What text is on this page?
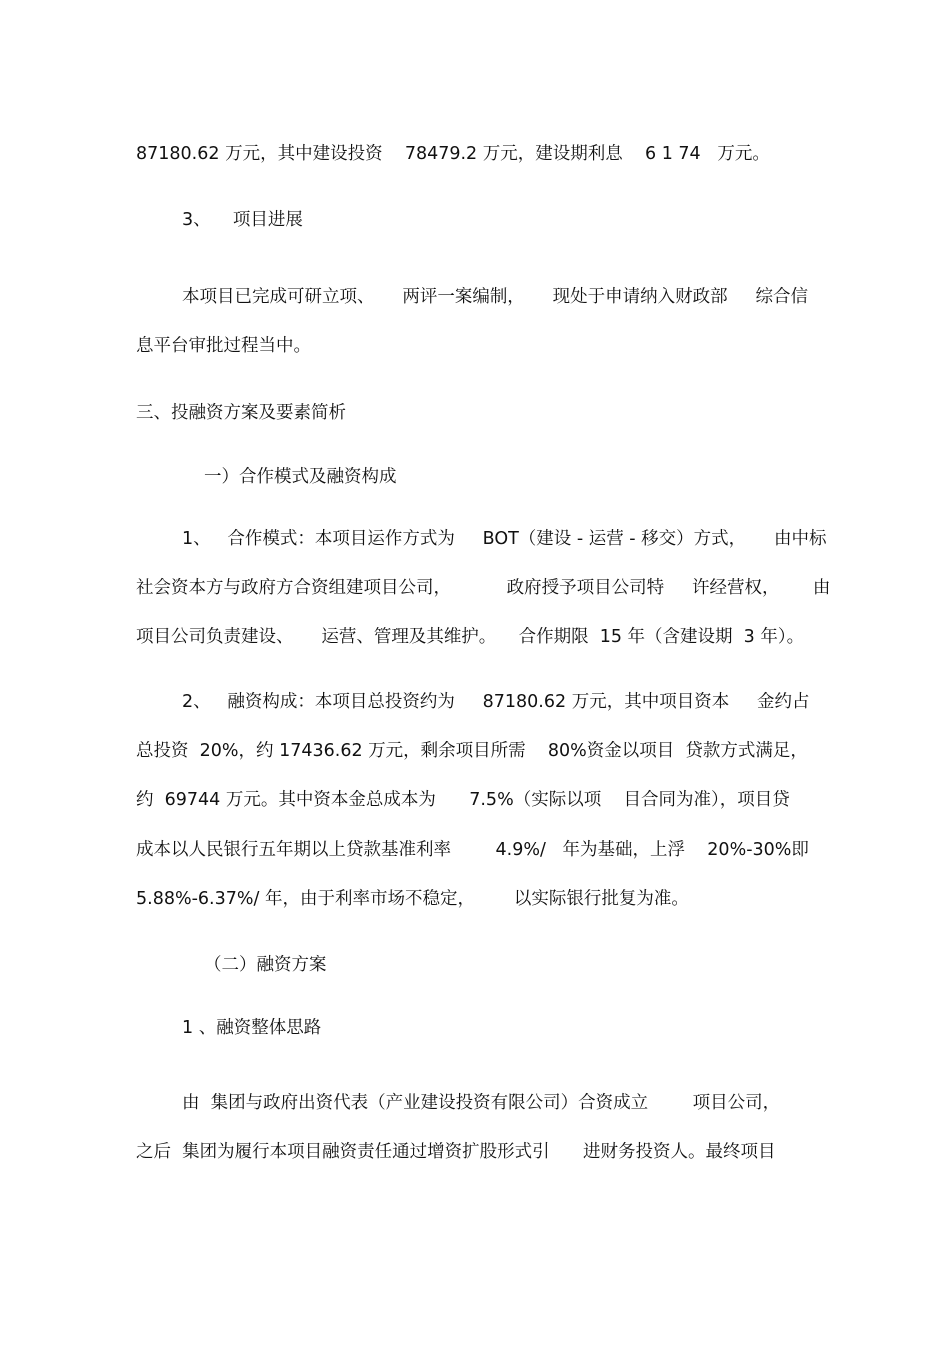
87180.62 万元，其中建设投资    78479.2 万元，建设期利息    6 1 74   万元。
3、    项目进展
本项目已完成可研立项、     两评一案编制，     现处于申请纳入财政部     综合信
息平台审批过程当中。
三、投融资方案及要素简析
一）合作模式及融资构成
1、   合作模式：本项目运作方式为     BOT（建设 - 运营 - 移交）方式，     由中标
社会资本方与政府方合资组建项目公司，          政府授予项目公司特     许经营权，      由
项目公司负责建设、     运营、管理及其维护。    合作期限  15 年（含建设期  3 年）。
2、   融资构成：本项目总投资约为     87180.62 万元，其中项目资本     金约占
总投资  20%，约 17436.62 万元，剩余项目所需    80%资金以项目  贷款方式满足，
约  69744 万元。其中资本金总成本为      7.5%（实际以项    目合同为准），项目贷
成本以人民银行五年期以上贷款基准利率        4.9%/   年为基础，上浮    20%-30%即
5.88%-6.37%/ 年，由于利率市场不稳定，       以实际银行批复为准。
（二）融资方案
1 、融资整体思路
由  集团与政府出资代表（产业建设投资有限公司）合资成立        项目公司，
之后  集团为履行本项目融资责任通过增资扩股形式引      进财务投资人。最终项目
